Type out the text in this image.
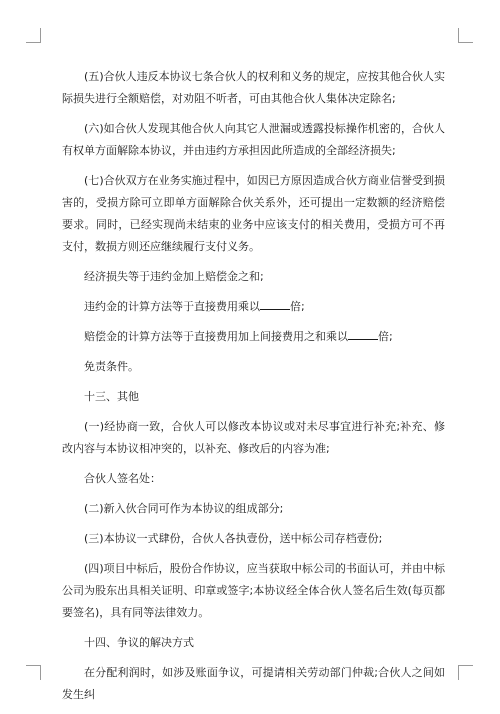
(五)合伙人违反本协议七条合伙人的权利和义务的规定，应按其他合伙人实际损失进行全额赔偿，对劝阻不听者，可由其他合伙人集体决定除名;

(六)如合伙人发现其他合伙人向其它人泄漏或透露投标操作机密的，合伙人有权单方面解除本协议，并由违约方承担因此所造成的全部经济损失;

(七)合伙双方在业务实施过程中，如因已方原因造成合伙方商业信誉受到损害的，受损方除可立即单方面解除合伙关系外，还可提出一定数额的经济赔偿要求。同时，已经实现尚未结束的业务中应该支付的相关费用，受损方可不再支付，数损方则还应继续履行支付义务。

经济损失等于违约金加上赔偿金之和;

违约金的计算方法等于直接费用乘以	倍;

赔偿金的计算方法等于直接费用加上间接费用之和乘以	倍;

免责条件。

十三、其他

(一)经协商一致，合伙人可以修改本协议或对未尽事宜进行补充;补充、修改内容与本协议相冲突的，以补充、修改后的内容为准;

合伙人签名处：

(二)新入伙合同可作为本协议的组成部分;

(三)本协议一式肆份，合伙人各执壹份，送中标公司存档壹份;

(四)项目中标后，股份合作协议，应当获取中标公司的书面认可，并由中标公司为股东出具相关证明、印章或签字;本协议经全体合伙人签名后生效(每页都要签名)，具有同等法律效力。

十四、争议的解决方式

在分配利润时，如涉及账面争议，可提请相关劳动部门仲裁;合伙人之间如发生纠
